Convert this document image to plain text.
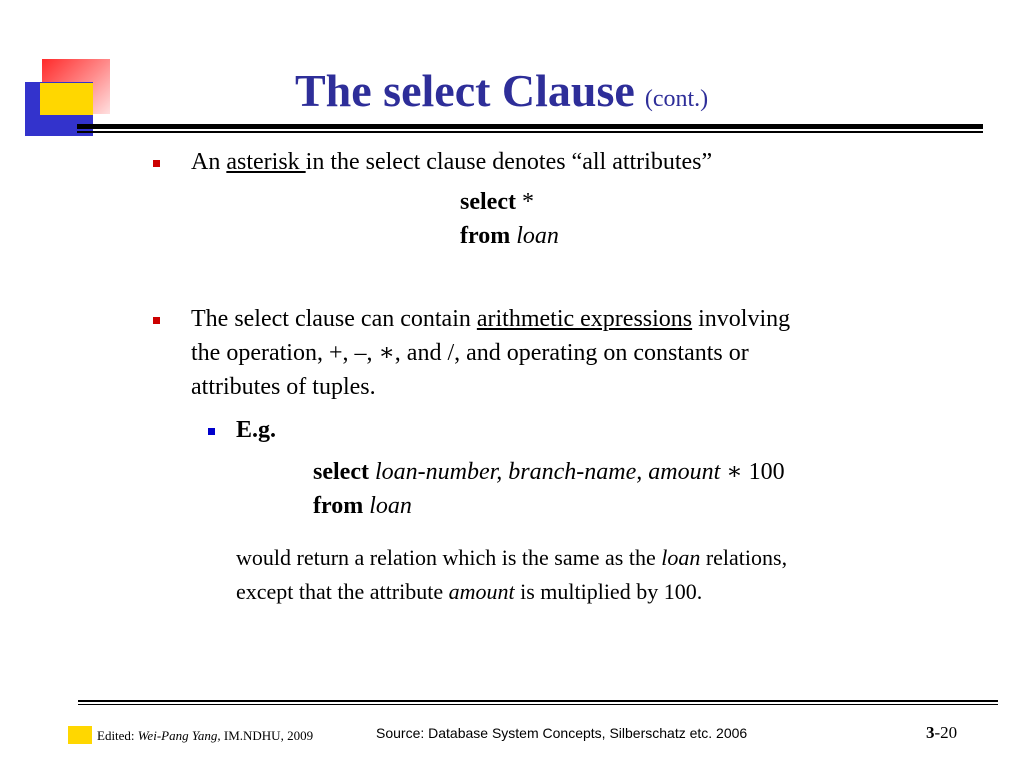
The select Clause (cont.)
An asterisk in the select clause denotes “all attributes”
select *
from loan
The select clause can contain arithmetic expressions involving
the operation, +, –, ∗, and /, and operating on constants or
attributes of tuples.
E.g.
select loan-number, branch-name, amount ∗ 100
from loan
would return a relation which is the same as the loan relations,
except that the attribute amount is multiplied by 100.
Edited: Wei-Pang Yang, IM.NDHU, 2009	Source: Database System Concepts, Silberschatz etc. 2006	3-20
